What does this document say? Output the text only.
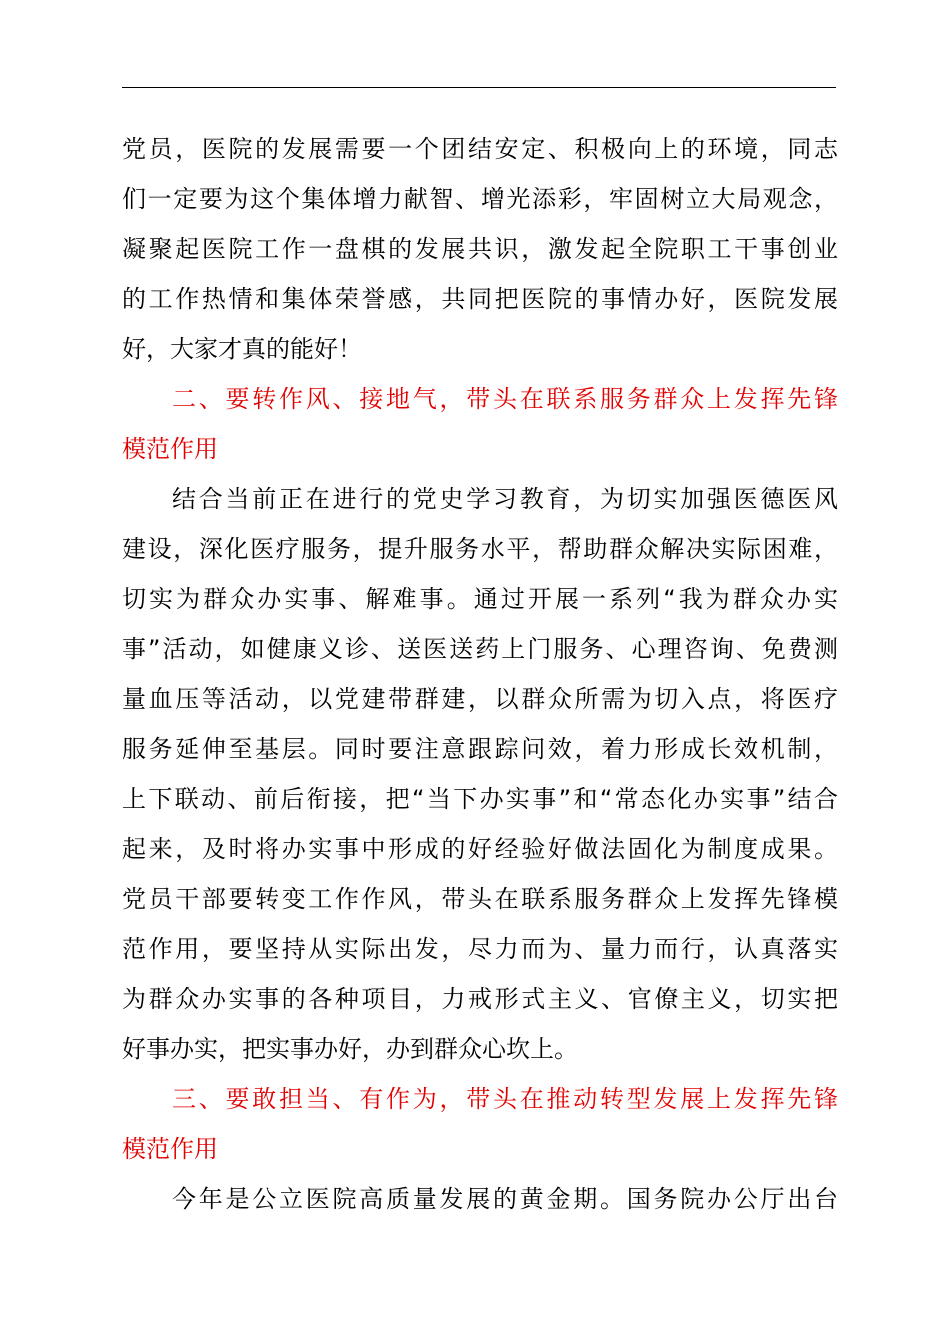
党员，医院的发展需要一个团结安定、积极向上的环境，同志
们一定要为这个集体增力献智、增光添彩，牢固树立大局观念，
凝聚起医院工作一盘棋的发展共识，激发起全院职工干事创业
的工作热情和集体荣誉感，共同把医院的事情办好，医院发展
好，大家才真的能好！
二、要转作风、接地气，带头在联系服务群众上发挥先锋
模范作用
结合当前正在进行的党史学习教育，为切实加强医德医风
建设，深化医疗服务，提升服务水平，帮助群众解决实际困难，
切实为群众办实事、解难事。通过开展一系列“我为群众办实
事”活动，如健康义诊、送医送药上门服务、心理咨询、免费测
量血压等活动，以党建带群建，以群众所需为切入点，将医疗
服务延伸至基层。同时要注意跟踪问效，着力形成长效机制，
上下联动、前后衔接，把“当下办实事”和“常态化办实事”结合
起来，及时将办实事中形成的好经验好做法固化为制度成果。
党员干部要转变工作作风，带头在联系服务群众上发挥先锋模
范作用，要坚持从实际出发，尽力而为、量力而行，认真落实
为群众办实事的各种项目，力戒形式主义、官僚主义，切实把
好事办实，把实事办好，办到群众心坎上。
三、要敢担当、有作为，带头在推动转型发展上发挥先锋
模范作用
今年是公立医院高质量发展的黄金期。国务院办公厅出台
